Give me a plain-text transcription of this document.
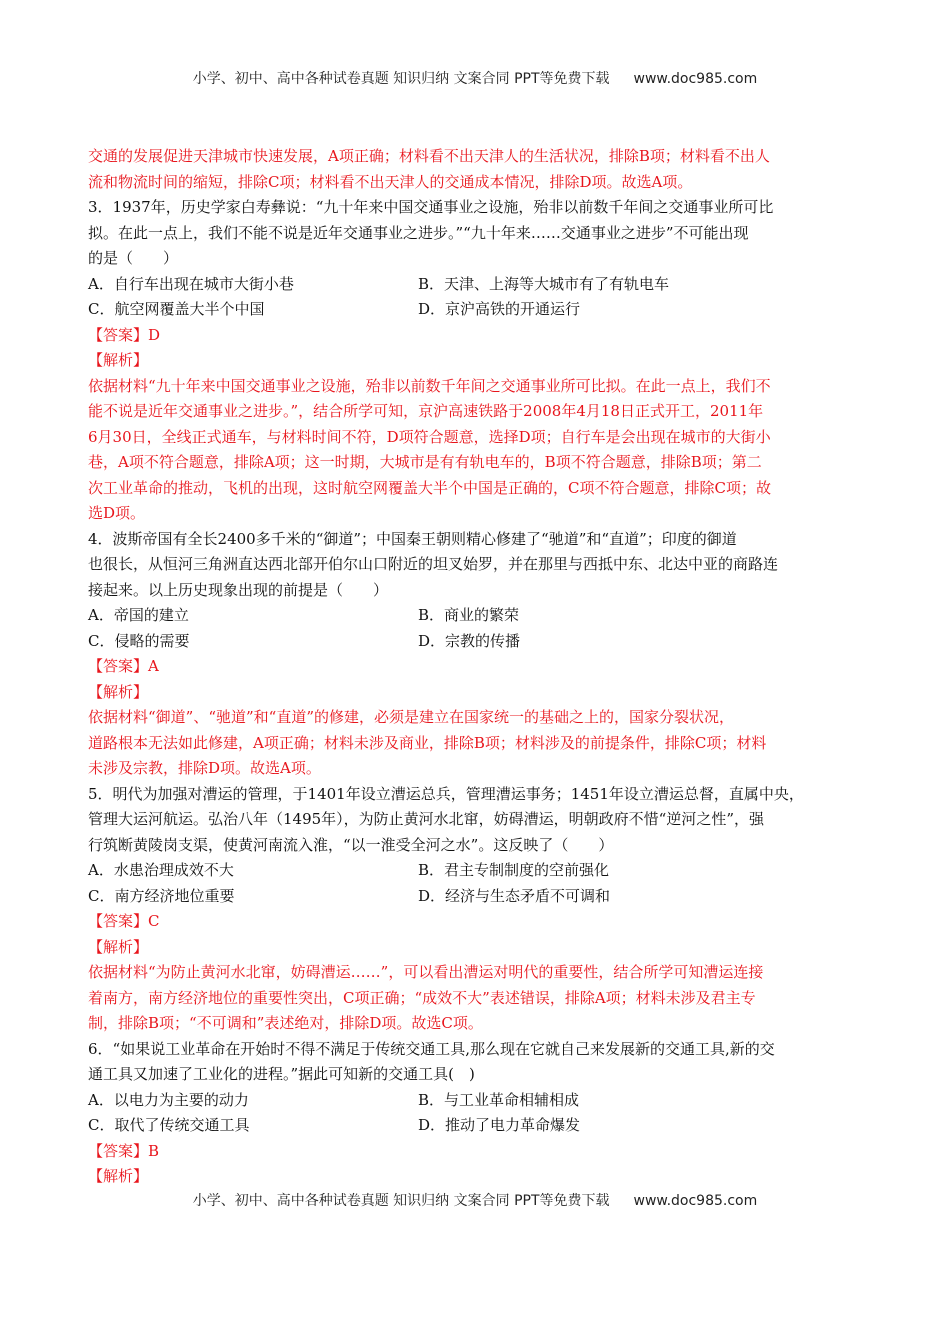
小学、初中、高中各种试卷真题 知识归纳 文案合同 PPT等免费下载 www.doc985.com

交通的发展促进天津城市快速发展，A项正确；材料看不出天津人的生活状况，排除B项；材料看不出人

流和物流时间的缩短，排除C项；材料看不出天津人的交通成本情况，排除D项。故选A项。

3．1937年，历史学家白寿彝说：“九十年来中国交通事业之设施，殆非以前数千年间之交通事业所可比

拟。在此一点上，我们不能不说是近年交通事业之进步。”“九十年来……交通事业之进步”不可能出现

的是（　　）

A．自行车出现在城市大街小巷	B．天津、上海等大城市有了有轨电车
C．航空网覆盖大半个中国	D．京沪高铁的开通运行

【答案】D

【解析】

依据材料“九十年来中国交通事业之设施，殆非以前数千年间之交通事业所可比拟。在此一点上，我们不

能不说是近年交通事业之进步。”，结合所学可知，京沪高速铁路于2008年4月18日正式开工，2011年

6月30日，全线正式通车，与材料时间不符，D项符合题意，选择D项；自行车是会出现在城市的大街小

巷，A项不符合题意，排除A项；这一时期，大城市是有有轨电车的，B项不符合题意，排除B项；第二

次工业革命的推动，飞机的出现，这时航空网覆盖大半个中国是正确的，C项不符合题意，排除C项；故

选D项。

4．波斯帝国有全长2400多千米的“御道”；中国秦王朝则精心修建了“驰道”和“直道”；印度的御道

也很长，从恒河三角洲直达西北部开伯尔山口附近的坦叉始罗，并在那里与西抵中东、北达中亚的商路连

接起来。以上历史现象出现的前提是（　　）

A．帝国的建立	B．商业的繁荣
C．侵略的需要	D．宗教的传播

【答案】A

【解析】

依据材料“御道”、“驰道”和“直道”的修建，必须是建立在国家统一的基础之上的，国家分裂状况，

道路根本无法如此修建，A项正确；材料未涉及商业，排除B项；材料涉及的前提条件，排除C项；材料

未涉及宗教，排除D项。故选A项。

5．明代为加强对漕运的管理，于1401年设立漕运总兵，管理漕运事务；1451年设立漕运总督，直属中央，

管理大运河航运。弘治八年（1495年），为防止黄河水北窜，妨碍漕运，明朝政府不惜“逆河之性”，强

行筑断黄陵岗支渠，使黄河南流入淮，“以一淮受全河之水”。这反映了（　　）

A．水患治理成效不大	B．君主专制制度的空前强化
C．南方经济地位重要	D．经济与生态矛盾不可调和

【答案】C

【解析】

依据材料“为防止黄河水北窜，妨碍漕运……”，可以看出漕运对明代的重要性，结合所学可知漕运连接

着南方，南方经济地位的重要性突出，C项正确；“成效不大”表述错误，排除A项；材料未涉及君主专

制，排除B项；“不可调和”表述绝对，排除D项。故选C项。

6．“如果说工业革命在开始时不得不满足于传统交通工具,那么现在它就自己来发展新的交通工具,新的交

通工具又加速了工业化的进程。”据此可知新的交通工具(　)

A．以电力为主要的动力	B．与工业革命相辅相成
C．取代了传统交通工具	D．推动了电力革命爆发

【答案】B

【解析】

小学、初中、高中各种试卷真题 知识归纳 文案合同 PPT等免费下载 www.doc985.com
